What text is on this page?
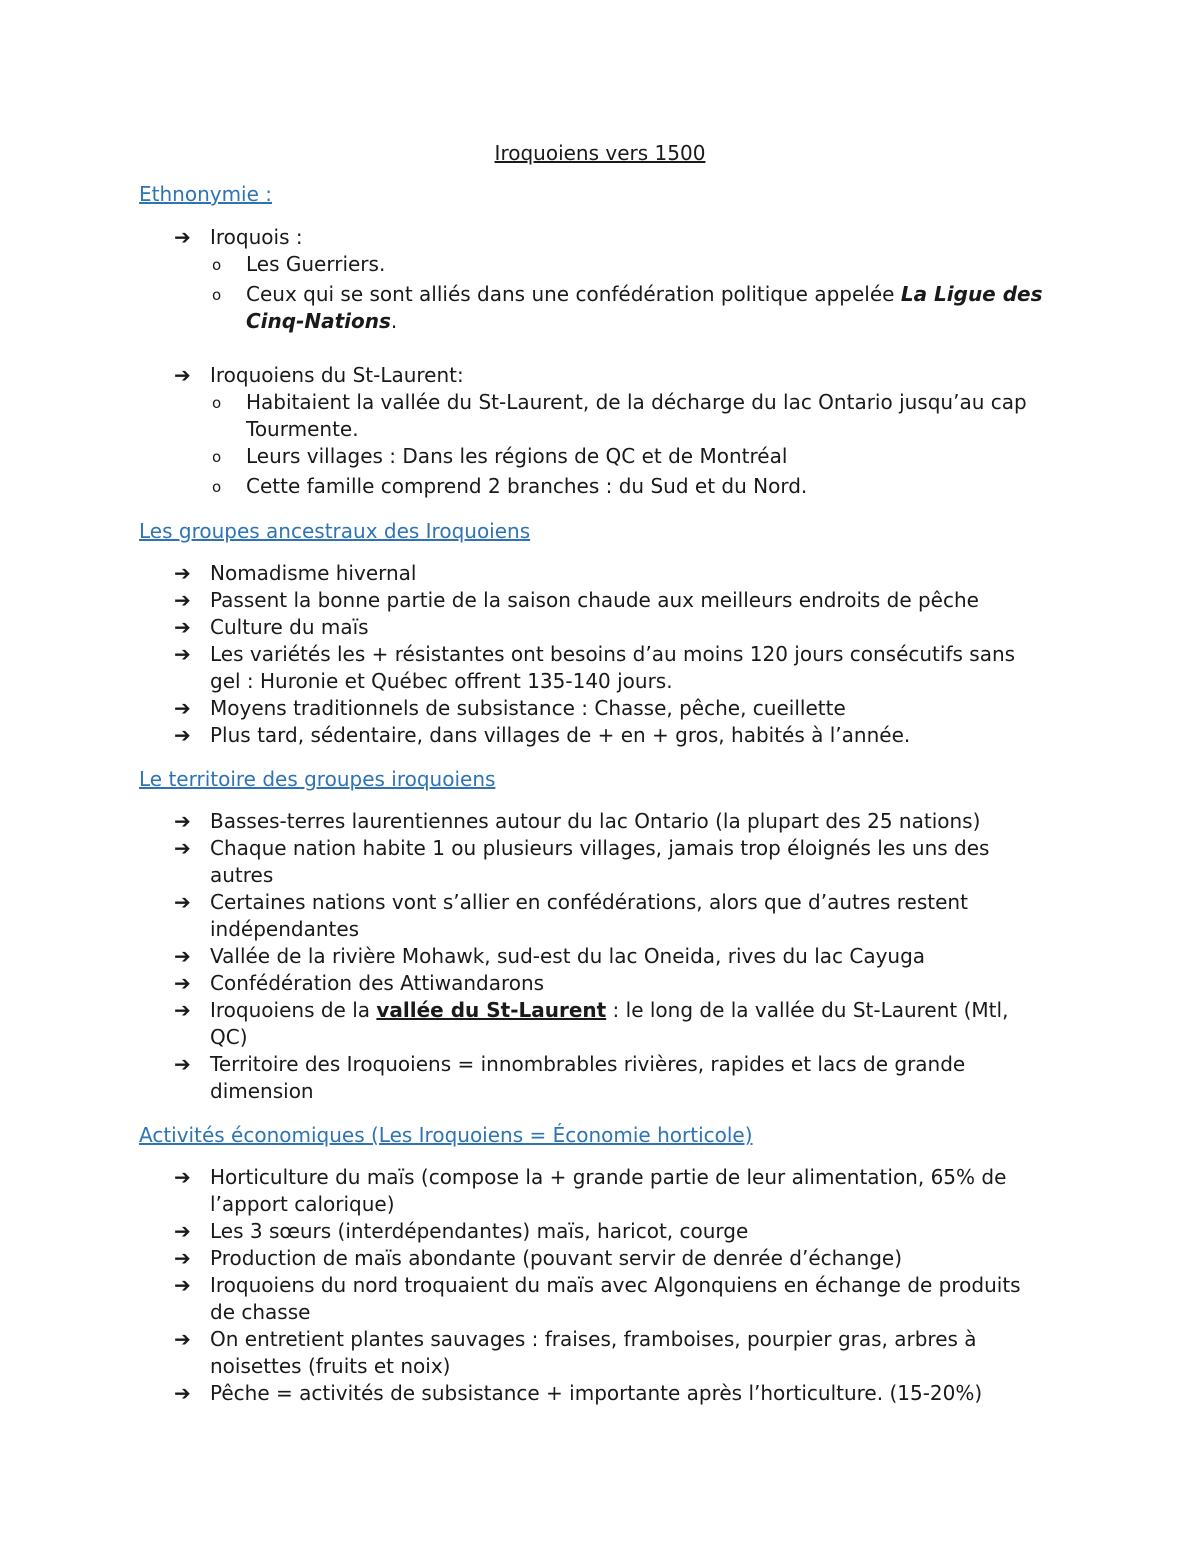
Iroquoiens vers 1500
Ethnonymie :
➔ Iroquois :
o Les Guerriers.
o Ceux qui se sont alliés dans une confédération politique appelée La Ligue des Cinq-Nations.
➔ Iroquoiens du St-Laurent:
o Habitaient la vallée du St-Laurent, de la décharge du lac Ontario jusqu’au cap Tourmente.
o Leurs villages : Dans les régions de QC et de Montréal
o Cette famille comprend 2 branches : du Sud et du Nord.
Les groupes ancestraux des Iroquoiens
➔ Nomadisme hivernal
➔ Passent la bonne partie de la saison chaude aux meilleurs endroits de pêche
➔ Culture du maïs
➔ Les variétés les + résistantes ont besoins d’au moins 120 jours consécutifs sans gel : Huronie et Québec offrent 135-140 jours.
➔ Moyens traditionnels de subsistance : Chasse, pêche, cueillette
➔ Plus tard, sédentaire, dans villages de + en + gros, habités à l’année.
Le territoire des groupes iroquoiens
➔ Basses-terres laurentiennes autour du lac Ontario (la plupart des 25 nations)
➔ Chaque nation habite 1 ou plusieurs villages, jamais trop éloignés les uns des autres
➔ Certaines nations vont s’allier en confédérations, alors que d’autres restent indépendantes
➔ Vallée de la rivière Mohawk, sud-est du lac Oneida, rives du lac Cayuga
➔ Confédération des Attiwandarons
➔ Iroquoiens de la vallée du St-Laurent : le long de la vallée du St-Laurent (Mtl, QC)
➔ Territoire des Iroquoiens = innombrables rivières, rapides et lacs de grande dimension
Activités économiques (Les Iroquoiens = Économie horticole)
➔ Horticulture du maïs (compose la + grande partie de leur alimentation, 65% de l’apport calorique)
➔ Les 3 sœurs (interdépendantes) maïs, haricot, courge
➔ Production de maïs abondante (pouvant servir de denrée d’échange)
➔ Iroquoiens du nord troquaient du maïs avec Algonquiens en échange de produits de chasse
➔ On entretient plantes sauvages : fraises, framboises, pourpier gras, arbres à noisettes (fruits et noix)
➔ Pêche = activités de subsistance + importante après l’horticulture. (15-20%)
